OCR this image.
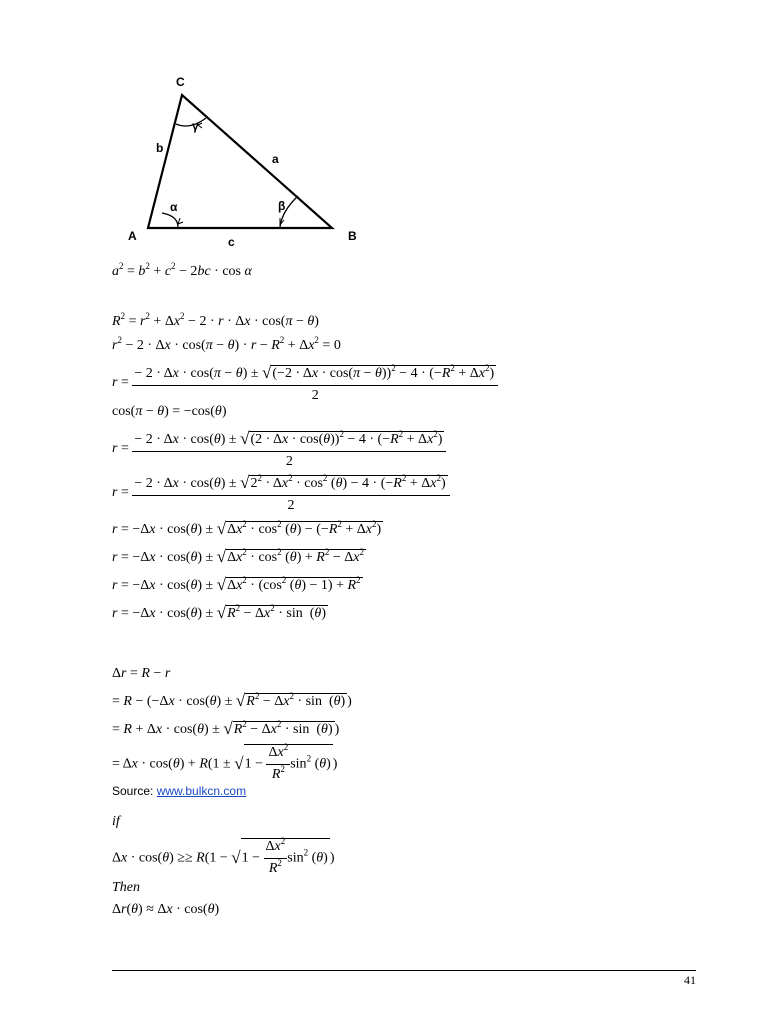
C
A	B
b
a
c
γ
α	β
$a^2 = b^2 + c^2 - 2bc \cdot \cos \alpha$
$R^2 = r^2 + \Delta x^2 - 2 \cdot r \cdot \Delta x \cdot \cos(\pi - \theta)$
$r^2 - 2 \cdot \Delta x \cdot \cos(\pi - \theta) \cdot r - R^2 + \Delta x^2 = 0$
r =
− $2 \cdot \Delta x \cdot \cos(\pi - \theta) \pm √(-2 \cdot \Delta x \cdot \cos(\pi - \theta))^2 - 4 \cdot (-R^2 + \Delta x^2)$
2
cos(π − θ) = −cos(θ)
$r = \frac{- 2 \cdot \Delta x \cdot \cos(\theta) \pm √(2 \cdot \Delta x \cdot \cos(\theta))^2 - 4 \cdot (-R^2 + \Delta x^2)}{2}$
$r = \frac{- 2 \cdot \Delta x \cdot \cos(\theta) \pm √2^2 \cdot \Delta x^2 \cdot \cos^2 (\theta) - 4 \cdot (-R^2 + \Delta x^2)}{2}$
$r = -\Delta x \cdot \cos(\theta) \pm √\Delta x^2 \cdot \cos^2 (\theta) - (-R^2 + \Delta x^2)$
$r = -\Delta x \cdot \cos(\theta) \pm √\Delta x^2 \cdot \cos^2 (\theta) + R^2 - \Delta x^2$
$r = -\Delta x \cdot \cos(\theta) \pm √\Delta x^2 \cdot (\cos^2$ $(\theta) - 1) + R^2$
$r = -\Delta x \cdot \cos(\theta) \pm √R^2 - \Delta x^2 \cdot \sin (\theta)$
Δr = R − r
= $R - (-\Delta x \cdot \cos(\theta) \pm √R^2 - \Delta x^2 \cdot \sin (\theta)$ )
= $R + \Delta x \cdot \cos(\theta) \pm √R^2 - \Delta x^2 \cdot \sin (\theta)$ )
= $\Delta x \cdot \cos(\theta) + R(1 \pm √1 - \frac{\Delta x^2}{R^2} \sin^2 (\theta)$ )
Source: www.bulkcn.com
if
$\Delta x \cdot \cos(\theta) \ge\ge R(1 - √1 - \frac{\Delta x^2}{R^2} \sin^2 (\theta)$ )
Then
Δr(θ) ≈ Δx · cos(θ)
41
